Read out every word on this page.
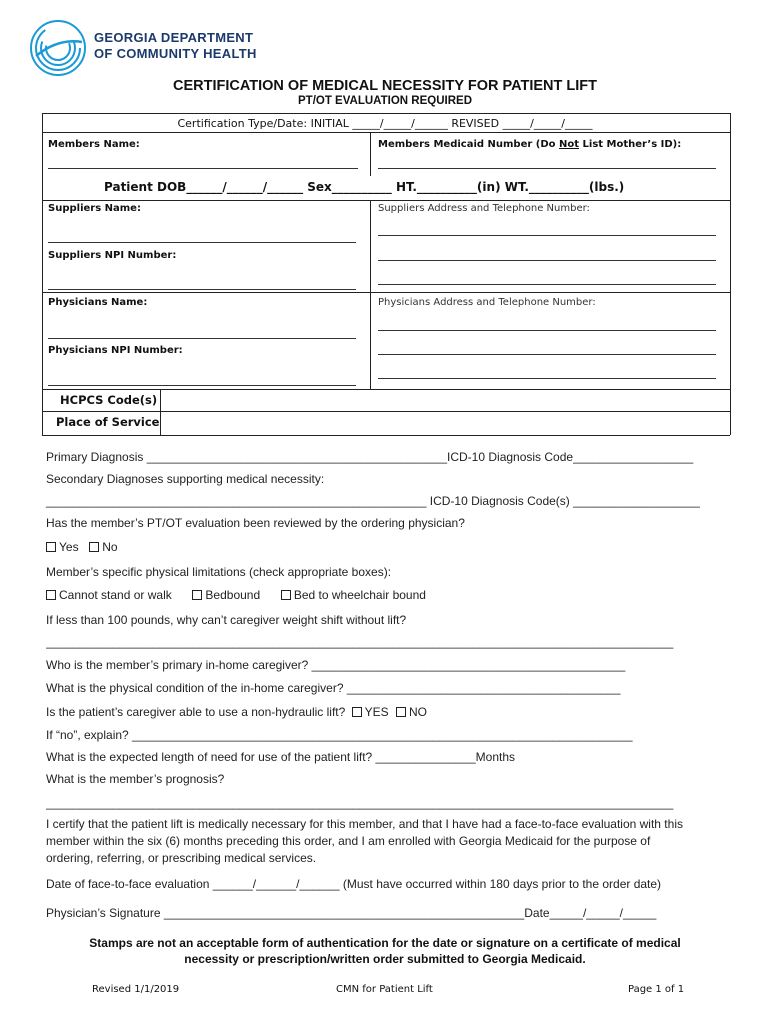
GEORGIA DEPARTMENT
OF COMMUNITY HEALTH
CERTIFICATION OF MEDICAL NECESSITY FOR PATIENT LIFT
PT/OT EVALUATION REQUIRED
Certification Type/Date: INITIAL _____/_____/______ REVISED _____/_____/_____
Members Name:	Members Medicaid Number (Do Not List Mother’s ID):
Patient DOB______/______/______ Sex__________ HT.__________(in) WT.__________(lbs.)
Suppliers Name:	Suppliers Address and Telephone Number:
Suppliers NPI Number:
Physicians Name:	Physicians Address and Telephone Number:
Physicians NPI Number:
HCPCS Code(s)
Place of Service
Primary Diagnosis _____________________________________________ICD-10 Diagnosis Code__________________
Secondary Diagnoses supporting medical necessity:
_________________________________________________________ ICD-10 Diagnosis Code(s) ___________________
Has the member’s PT/OT evaluation been reviewed by the ordering physician?
Yes No
Member’s specific physical limitations (check appropriate boxes):
Cannot stand or walk	Bedbound	Bed to wheelchair bound
If less than 100 pounds, why can’t caregiver weight shift without lift?
______________________________________________________________________________________________
Who is the member’s primary in-home caregiver? _______________________________________________
What is the physical condition of the in-home caregiver? _________________________________________
Is the patient’s caregiver able to use a non-hydraulic lift? YES NO
If “no”, explain? ___________________________________________________________________________
What is the expected length of need for use of the patient lift? _______________Months
What is the member’s prognosis?
______________________________________________________________________________________________
I certify that the patient lift is medically necessary for this member, and that I have had a face-to-face evaluation with this
member within the six (6) months preceding this order, and I am enrolled with Georgia Medicaid for the purpose of
ordering, referring, or prescribing medical services.
Date of face-to-face evaluation ______/______/______ (Must have occurred within 180 days prior to the order date)
Physician’s Signature ______________________________________________________Date_____/_____/_____
Stamps are not an acceptable form of authentication for the date or signature on a certificate of medical
necessity or prescription/written order submitted to Georgia Medicaid.
Revised 1/1/2019	CMN for Patient Lift	Page 1 of 1
